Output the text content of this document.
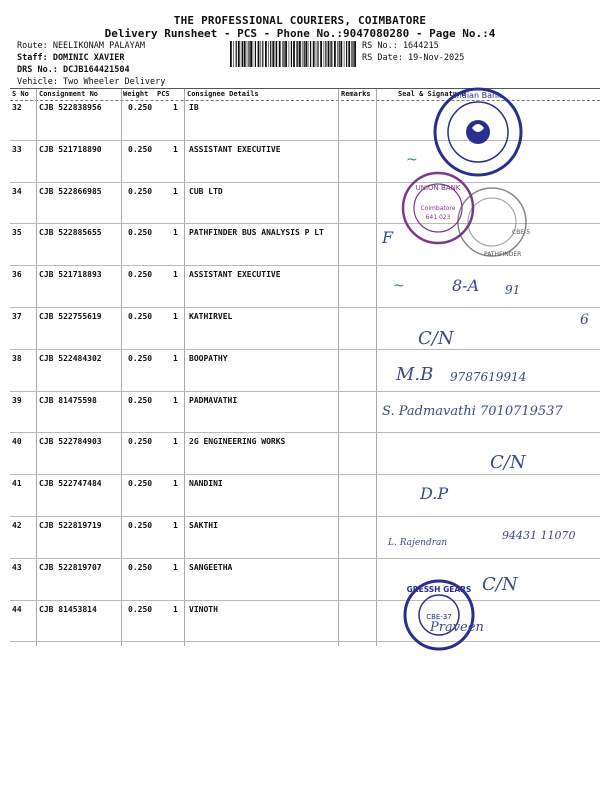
THE PROFESSIONAL COURIERS, COIMBATORE
Delivery Runsheet - PCS - Phone No.:9047080280 - Page No.:4
Route: NEELIKONAM PALAYAM
Staff: DOMINIC XAVIER
DRS No.: DCJB164421504
Vehicle: Two Wheeler Delivery
RS No.: 1644215
RS Date: 19-Nov-2025
S No Consignment No	Weight PCS Consignee Details	Remarks	Seal & Signature
32 CJB 522838956	0.250	1 IB
33 CJB 521718890	0.250	1 ASSISTANT EXECUTIVE
34 CJB 522866985	0.250	1 CUB LTD
35 CJB 522885655	0.250	1 PATHFINDER BUS ANALYSIS P LT
36 CJB 521718893	0.250	1 ASSISTANT EXECUTIVE
37 CJB 522755619	0.250	1 KATHIRVEL
38 CJB 522484302	0.250	1 BOOPATHY
39 CJB 81475598	0.250	1 PADMAVATHI
40 CJB 522784903	0.250	1 2G ENGINEERING WORKS
41 CJB 522747484	0.250	1 NANDINI
42 CJB 522819719	0.250	1 SAKTHI
43 CJB 522819707	0.250	1 SANGEETHA
44 CJB 81453814	0.250	1 VINOTH
Indian Bank
UNION BANK
Coimbatore
641 023
PATHFINDER
CBE-5
GRESSH GEARS
CBE-37
~
F
~	8-A 91
C/N
6
M.B 9787619914
S. Padmavathi 7010719537
C/N
D.P
L. Rajendran
94431 11070
C/N
Praveen
